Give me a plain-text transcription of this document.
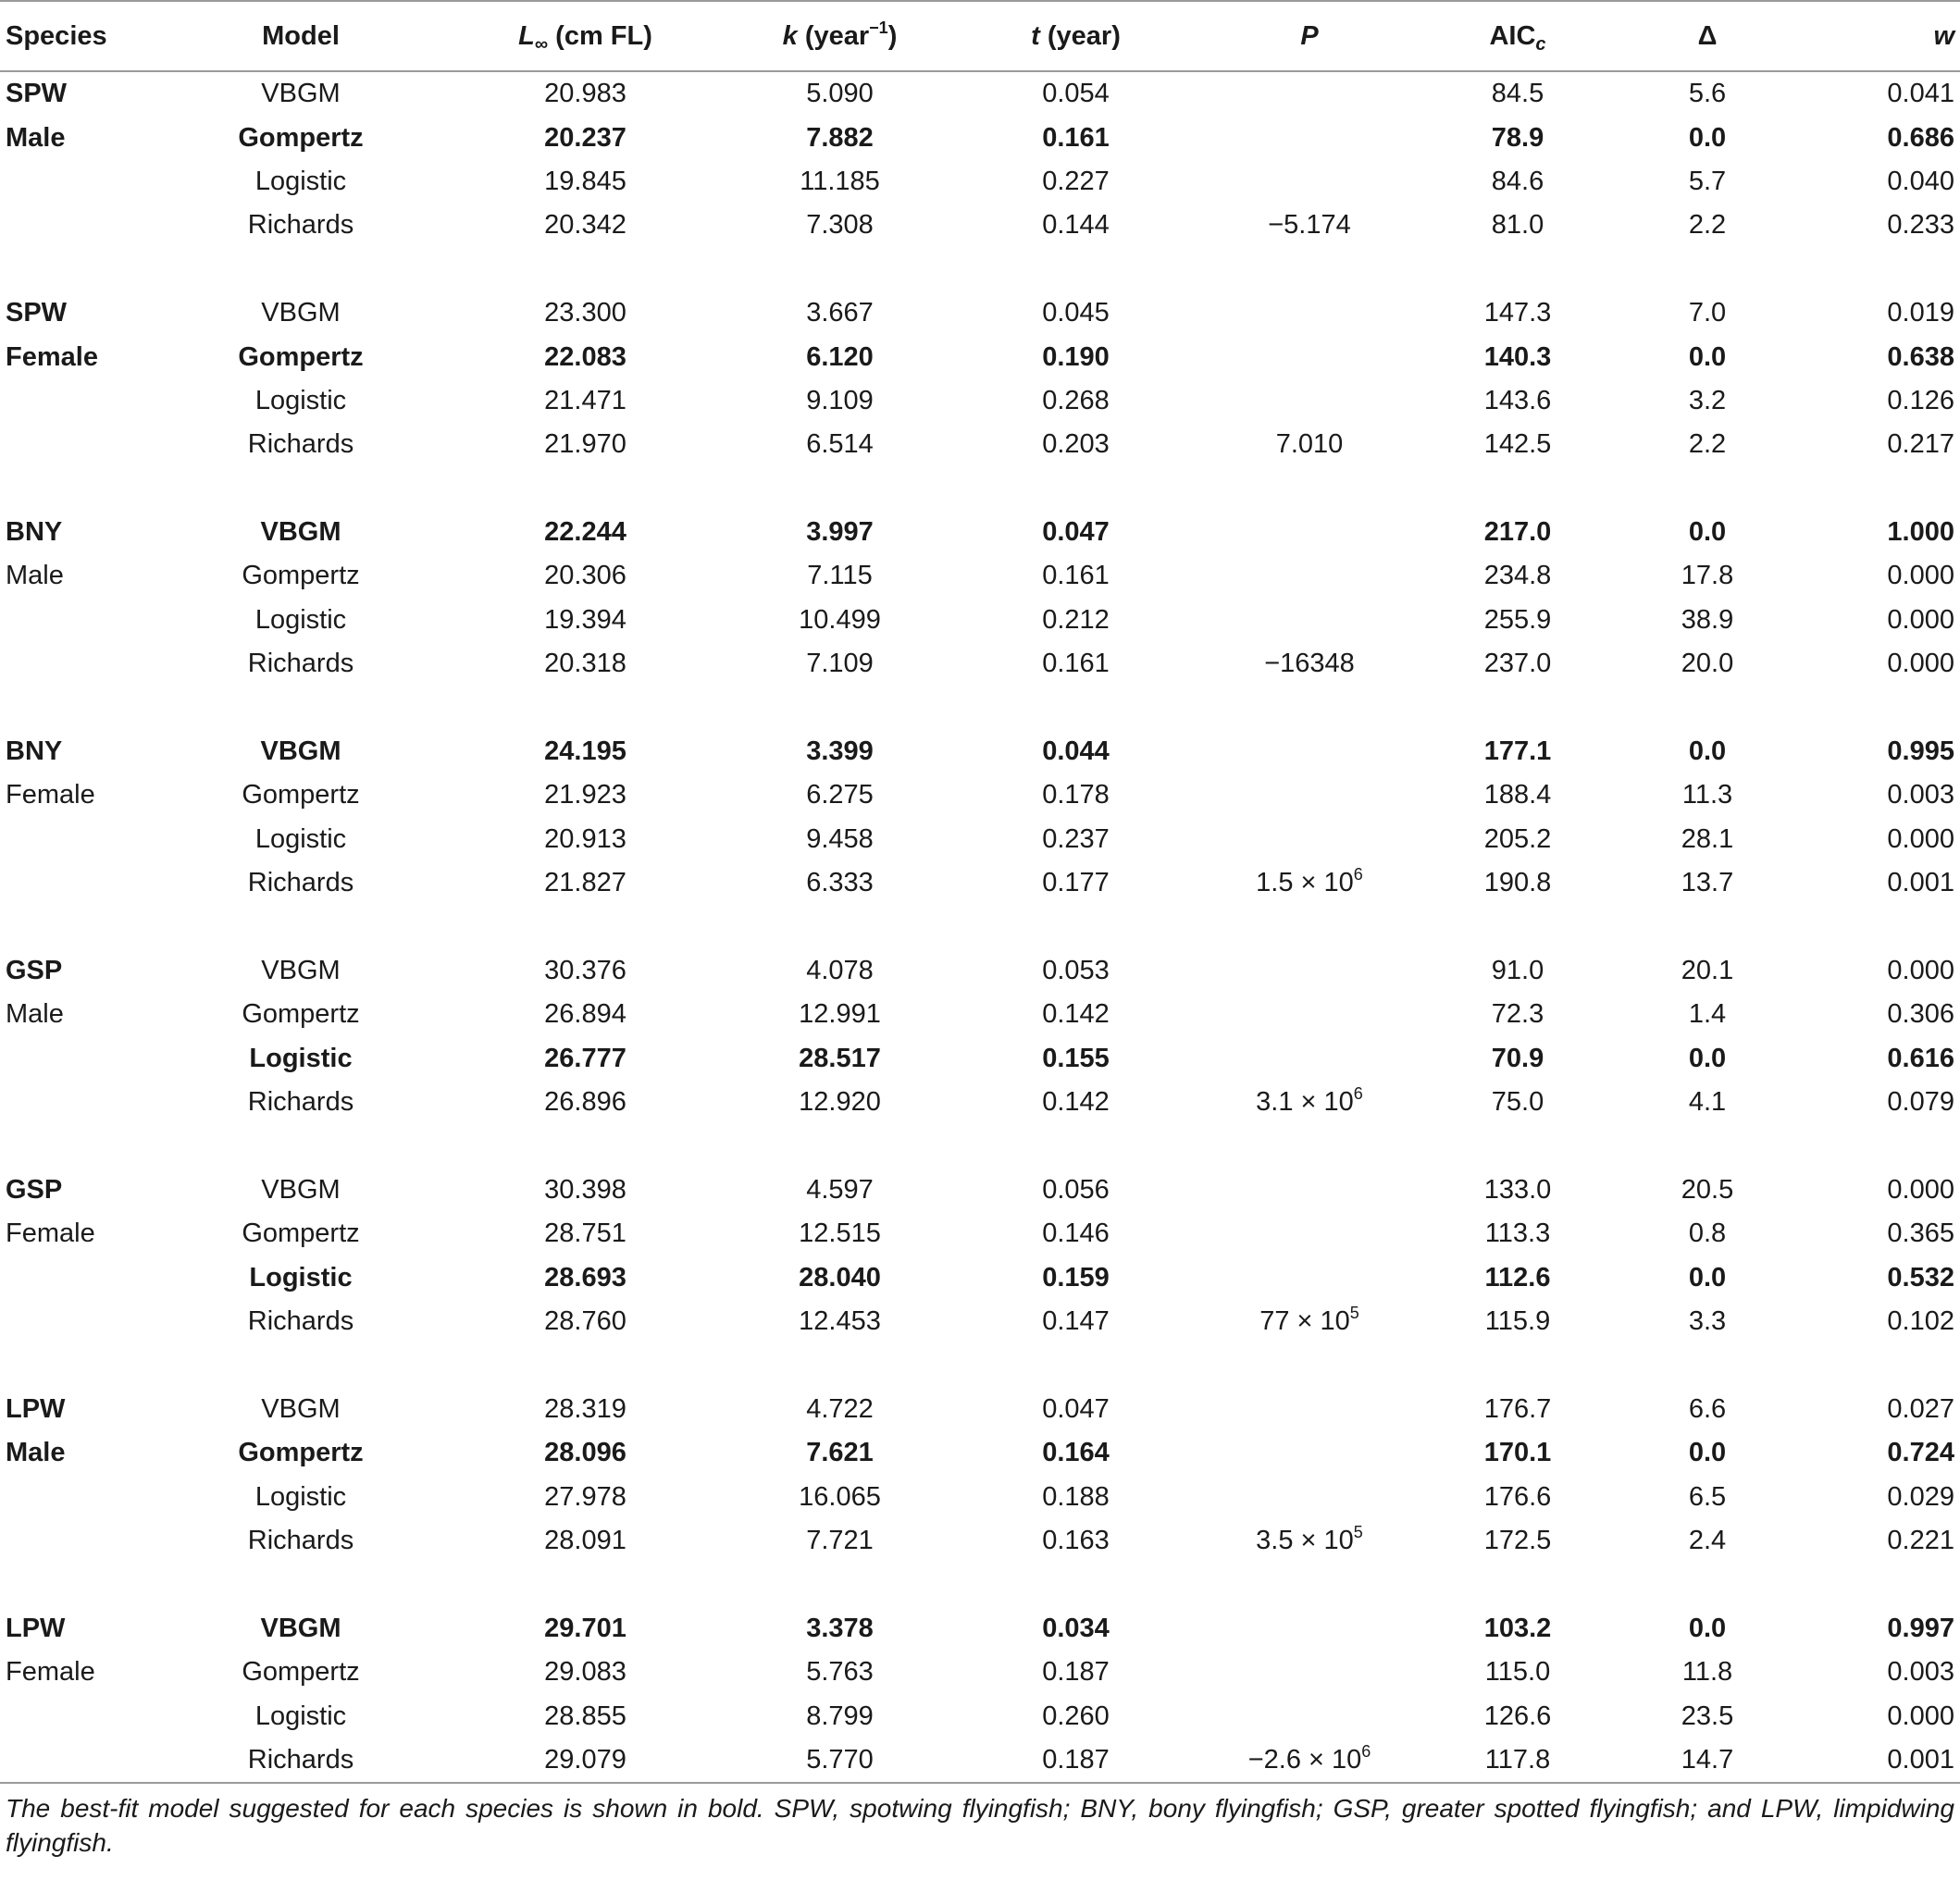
Species	Model	$L_\infty$ (cm FL)	k (year$^{-1}$)	t (year)	P	$AIC_c$	Δ	w
SPW	VBGM	20.983	5.090	0.054		84.5	5.6	0.041
Male	Gompertz	20.237	7.882	0.161		78.9	0.0	0.686
	Logistic	19.845	11.185	0.227		84.6	5.7	0.040
	Richards	20.342	7.308	0.144	−5.174	81.0	2.2	0.233

SPW	VBGM	23.300	3.667	0.045		147.3	7.0	0.019
Female	Gompertz	22.083	6.120	0.190		140.3	0.0	0.638
	Logistic	21.471	9.109	0.268		143.6	3.2	0.126
	Richards	21.970	6.514	0.203	7.010	142.5	2.2	0.217

BNY	VBGM	22.244	3.997	0.047		217.0	0.0	1.000
Male	Gompertz	20.306	7.115	0.161		234.8	17.8	0.000
	Logistic	19.394	10.499	0.212		255.9	38.9	0.000
	Richards	20.318	7.109	0.161	−16348	237.0	20.0	0.000

BNY	VBGM	24.195	3.399	0.044		177.1	0.0	0.995
Female	Gompertz	21.923	6.275	0.178		188.4	11.3	0.003
	Logistic	20.913	9.458	0.237		205.2	28.1	0.000
	Richards	21.827	6.333	0.177	$1.5 \times 10^6$	190.8	13.7	0.001

GSP	VBGM	30.376	4.078	0.053		91.0	20.1	0.000
Male	Gompertz	26.894	12.991	0.142		72.3	1.4	0.306
	Logistic	26.777	28.517	0.155		70.9	0.0	0.616
	Richards	26.896	12.920	0.142	$3.1 \times 10^6$	75.0	4.1	0.079

GSP	VBGM	30.398	4.597	0.056		133.0	20.5	0.000
Female	Gompertz	28.751	12.515	0.146		113.3	0.8	0.365
	Logistic	28.693	28.040	0.159		112.6	0.0	0.532
	Richards	28.760	12.453	0.147	$77 \times 10^5$	115.9	3.3	0.102

LPW	VBGM	28.319	4.722	0.047		176.7	6.6	0.027
Male	Gompertz	28.096	7.621	0.164		170.1	0.0	0.724
	Logistic	27.978	16.065	0.188		176.6	6.5	0.029
	Richards	28.091	7.721	0.163	$3.5 \times 10^5$	172.5	2.4	0.221

LPW	VBGM	29.701	3.378	0.034		103.2	0.0	0.997
Female	Gompertz	29.083	5.763	0.187		115.0	11.8	0.003
	Logistic	28.855	8.799	0.260		126.6	23.5	0.000
	Richards	29.079	5.770	0.187	$-2.6 \times 10^6$	117.8	14.7	0.001
The best-fit model suggested for each species is shown in bold. SPW, spotwing flyingfish; BNY, bony flyingfish; GSP, greater spotted flyingfish; and LPW, limpidwing flyingfish.
